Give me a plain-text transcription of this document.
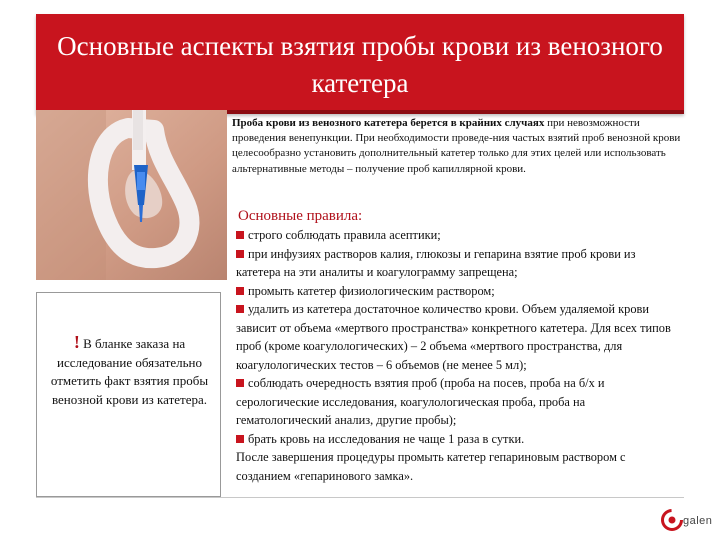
Основные аспекты взятия пробы крови из венозного катетера
Проба крови из венозного катетера берется в крайних случаях при невозможности проведения венепункции. При необходимости проведе-ния частых взятий проб венозной крови целесообразно установить дополнительный катетер только для этих целей или использовать альтернативные методы – получение проб капиллярной крови.
Основные правила:
! В бланке заказа на исследование обязательно отметить факт взятия пробы венозной крови из катетера.

строго соблюдать правила асептики;

при инфузиях растворов калия, глюкозы и гепарина взятие проб крови из катетера на эти аналиты и коагулограмму запрещена;

промыть катетер физиологическим раствором;

удалить из катетера достаточное количество крови. Объем удаляемой крови зависит от объема «мертвого пространства» конкретного катетера. Для всех типов проб (кроме коагулологических) – 2 объема «мертвого пространства, для коагулологических тестов – 6 объемов (не менее 5 мл);

соблюдать очередность взятия проб (проба на посев, проба на б/х и серологические исследования, коагулологическая проба, проба на гематологический анализ, другие пробы);

брать кровь на исследования не чаще 1 раза в сутки.

После завершения процедуры промыть катетер гепариновым раствором с созданием «гепаринового замка».

galen
